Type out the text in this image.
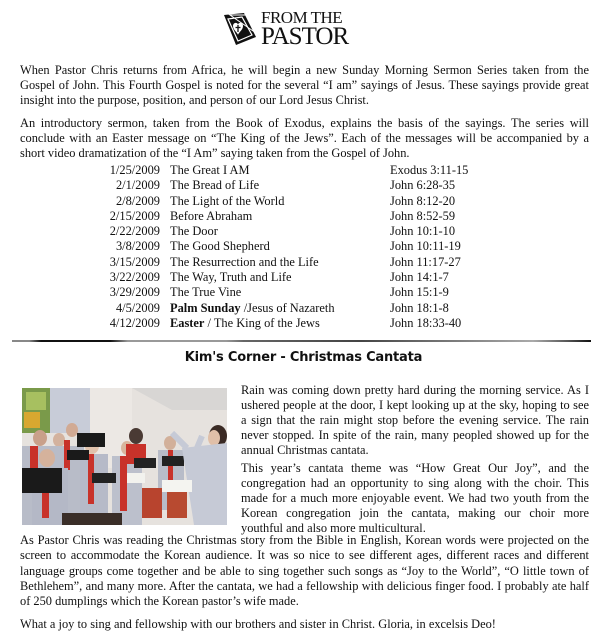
FROM THE
PASTOR

When Pastor Chris returns from Africa, he will begin a new Sunday Morning Sermon Series taken from the Gospel of John. This Fourth Gospel is noted for the several “I am” sayings of Jesus. These sayings provide great insight into the purpose, position, and person of our Lord Jesus Christ.

An introductory sermon, taken from the Book of Exodus, explains the basis of the sayings. The series will conclude with an Easter message on “The King of the Jews”. Each of the messages will be accompanied by a short video dramatization of the “I Am” saying taken from the Gospel of John.

1/25/2009 The Great I AM	Exodus 3:11-15
2/1/2009 The Bread of Life	John 6:28-35
2/8/2009 The Light of the World	John 8:12-20
2/15/2009 Before Abraham	John 8:52-59
2/22/2009 The Door	John 10:1-10
3/8/2009 The Good Shepherd	John 10:11-19
3/15/2009 The Resurrection and the Life	John 11:17-27
3/22/2009 The Way, Truth and Life	John 14:1-7
3/29/2009 The True Vine	John 15:1-9
4/5/2009 Palm Sunday /Jesus of Nazareth	John 18:1-8
4/12/2009 Easter / The King of the Jews	John 18:33-40
Kim's Corner - Christmas Cantata

Rain was coming down pretty hard during the morning service. As I ushered people at the door, I kept looking up at the sky, hoping to see a sign that the rain might stop before the evening service. The rain never stopped. In spite of the rain, many peopled showed up for the annual Christmas cantata.

This year’s cantata theme was “How Great Our Joy”, and the congregation had an opportunity to sing along with the choir. This made for a much more enjoyable event. We had two youth from the Korean congregation join the cantata, making our choir more youthful and also more multicultural.

As Pastor Chris was reading the Christmas story from the Bible in English, Korean words were projected on the screen to accommodate the Korean audience. It was so nice to see different ages, different races and different language groups come together and be able to sing together such songs as “Joy to the World”, “O little town of Bethlehem”, and many more. After the cantata, we had a fellowship with delicious finger food. I probably ate half of 250 dumplings which the Korean pastor’s wife made.

What a joy to sing and fellowship with our brothers and sister in Christ. Gloria, in excelsis Deo!
